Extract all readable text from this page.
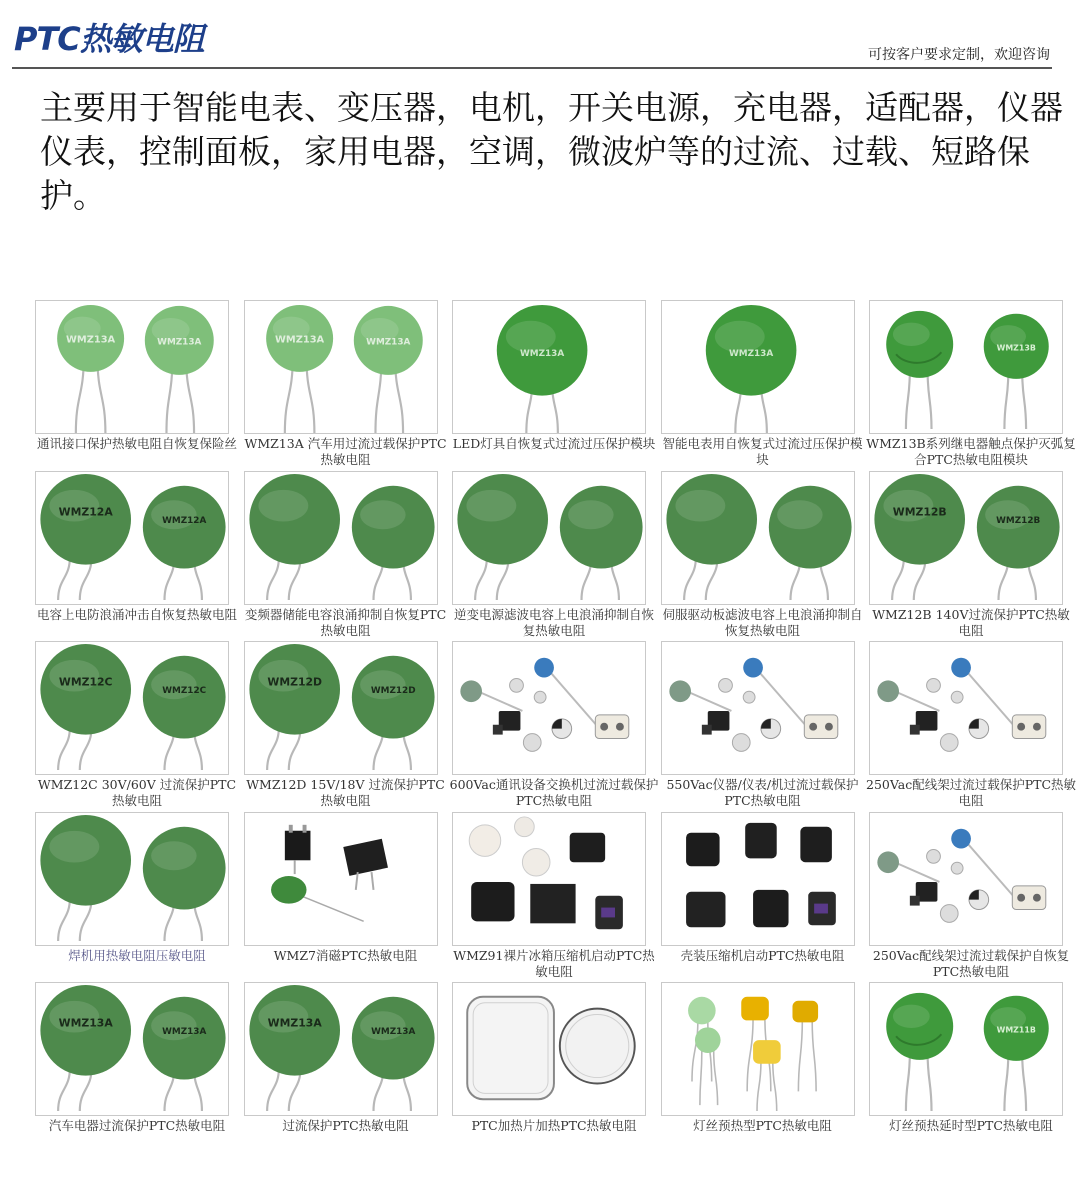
PTC热敏电阻	可按客户要求定制，欢迎咨询
主要用于智能电表、变压器，电机，开关电源，充电器，适配器，仪器仪表，控制面板，家用电器，空调，微波炉等的过流、过载、短路保护。
WMZ13A	WMZ13A
通讯接口保护热敏电阻自恢复保险丝
WMZ13A	WMZ13A
WMZ13A 汽车用过流过载保护PTC热敏电阻
WMZ13A
LED灯具自恢复式过流过压保护模块
WMZ13A
智能电表用自恢复式过流过压保护模块
WMZ13B
WMZ13B系列继电器触点保护灭弧复合PTC热敏电阻模块
WMZ12A
WMZ12A
电容上电防浪涌冲击自恢复热敏电阻 变频器储能电容浪涌抑制自恢复PTC热敏电阻
逆变电源滤波电容上电浪涌抑制自恢复热敏电阻
伺服驱动板滤波电容上电浪涌抑制自恢复热敏电阻
WMZ12B
WMZ12B
WMZ12B 140V过流保护PTC热敏电阻
WMZ12C
WMZ12C
WMZ12C 30V/60V 过流保护PTC热敏电阻
WMZ12D
WMZ12D
WMZ12D 15V/18V 过流保护PTC热敏电阻
600Vac通讯设备交换机过流过载保护PTC热敏电阻
550Vac仪器/仪表/机过流过载保护PTC热敏电阻
250Vac配线架过流过载保护PTC热敏电阻
焊机用热敏电阻压敏电阻	WMZ7消磁PTC热敏电阻	WMZ91裸片冰箱压缩机启动PTC热敏电阻
壳装压缩机启动PTC热敏电阻	250Vac配线架过流过载保护自恢复PTC热敏电阻
WMZ13A
WMZ13A
汽车电器过流保护PTC热敏电阻
WMZ13A
WMZ13A
过流保护PTC热敏电阻	PTC加热片加热PTC热敏电阻	灯丝预热型PTC热敏电阻
WMZ11B
灯丝预热延时型PTC热敏电阻
